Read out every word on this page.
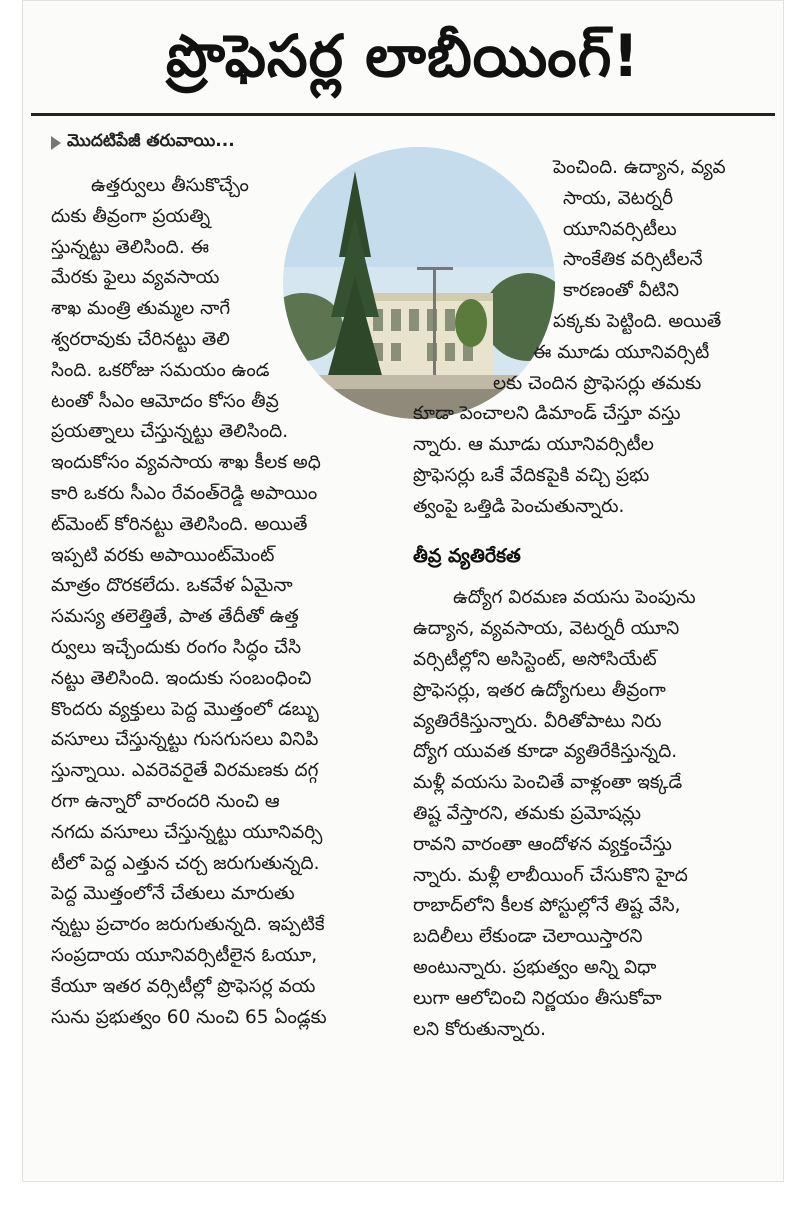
ప్రొఫెసర్ల లాబీయింగ్!
మొదటిపేజీ తరువాయి...
ఉత్తర్వులు తీసుకొచ్చేం
దుకు తీవ్రంగా ప్రయత్ని
స్తున్నట్టు తెలిసింది. ఈ
మేరకు ఫైలు వ్యవసాయ
శాఖ మంత్రి తుమ్మల నాగే
శ్వరరావుకు చేరినట్టు తెలి
సింది. ఒకరోజు సమయం ఉండ
టంతో సీఎం ఆమోదం కోసం తీవ్ర
ప్రయత్నాలు చేస్తున్నట్టు తెలిసింది.
ఇందుకోసం వ్యవసాయ శాఖ కీలక అధి
కారి ఒకరు సీఎం రేవంత్‌రెడ్డి అపాయిం
ట్‌మెంట్ కోరినట్టు తెలిసింది. అయితే
ఇప్పటి వరకు అపాయింట్‌మెంట్
మాత్రం దొరకలేదు. ఒకవేళ ఏమైనా
సమస్య తలెత్తితే, పాత తేదీతో ఉత్త
ర్వులు ఇచ్చేందుకు రంగం సిద్ధం చేసి
నట్టు తెలిసింది. ఇందుకు సంబంధించి
కొందరు వ్యక్తులు పెద్ద మొత్తంలో డబ్బు
వసూలు చేస్తున్నట్టు గుసగుసలు వినిపి
స్తున్నాయి. ఎవరెవరైతే విరమణకు దగ్గ
రగా ఉన్నారో వారందరి నుంచి ఆ
నగదు వసూలు చేస్తున్నట్టు యూనివర్సి
టీలో పెద్ద ఎత్తున చర్చ జరుగుతున్నది.
పెద్ద మొత్తంలోనే చేతులు మారుతు
న్నట్టు ప్రచారం జరుగుతున్నది. ఇప్పటికే
సంప్రదాయ యూనివర్సిటీలైన ఓయూ,
కేయూ ఇతర వర్సిటీల్లో ప్రొఫెసర్ల వయ
సును ప్రభుత్వం 60 నుంచి 65 ఏండ్లకు
పెంచింది. ఉద్యాన, వ్యవ
సాయ, వెటర్నరీ
యూనివర్సిటీలు
సాంకేతిక వర్సిటీలనే
కారణంతో వీటిని
పక్కకు పెట్టింది. అయితే
ఈ మూడు యూనివర్సిటీ
లకు చెందిన ప్రొఫెసర్లు తమకు
కూడా పెంచాలని డిమాండ్ చేస్తూ వస్తు
న్నారు. ఆ మూడు యూనివర్సిటీల
ప్రొఫెసర్లు ఒకే వేదికపైకి వచ్చి ప్రభు
త్వంపై ఒత్తిడి పెంచుతున్నారు.
తీవ్ర వ్యతిరేకత
ఉద్యోగ విరమణ వయసు పెంపును
ఉద్యాన, వ్యవసాయ, వెటర్నరీ యూని
వర్సిటీల్లోని అసిస్టెంట్, అసోసియేట్
ప్రొఫెసర్లు, ఇతర ఉద్యోగులు తీవ్రంగా
వ్యతిరేకిస్తున్నారు. వీరితోపాటు నిరు
ద్యోగ యువత కూడా వ్యతిరేకిస్తున్నది.
మళ్లీ వయసు పెంచితే వాళ్లంతా ఇక్కడే
తిష్ట వేస్తారని, తమకు ప్రమోషన్లు
రావని వారంతా ఆందోళన వ్యక్తంచేస్తు
న్నారు. మళ్లీ లాబీయింగ్ చేసుకొని హైద
రాబాద్‌లోని కీలక పోస్టుల్లోనే తిష్ట వేసి,
బదిలీలు లేకుండా చెలాయిస్తారని
అంటున్నారు. ప్రభుత్వం అన్ని విధా
లుగా ఆలోచించి నిర్ణయం తీసుకోవా
లని కోరుతున్నారు.
